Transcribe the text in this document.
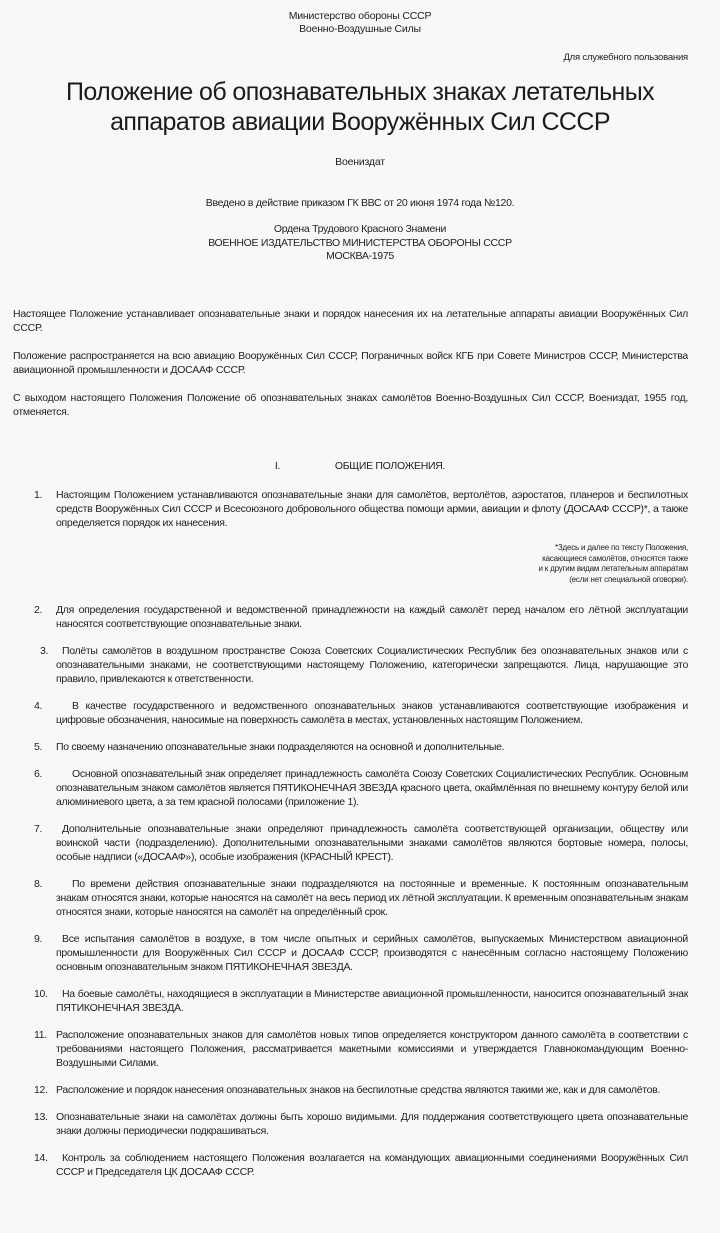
Министерство обороны СССР
Военно-Воздушные Силы
Для служебного пользования
Положение об опознавательных знаках летательных
аппаратов авиации Вооружённых Сил СССР
Воениздат
Введено в действие приказом ГК ВВС от 20 июня 1974 года №120.
Ордена Трудового Красного Знамени
ВОЕННОЕ ИЗДАТЕЛЬСТВО МИНИСТЕРСТВА ОБОРОНЫ СССР
МОСКВА-1975

Настоящее Положение устанавливает опознавательные знаки и порядок нанесения их на летательные аппараты авиации Вооружённых Сил СССР.

Положение распространяется на всю авиацию Вооружённых Сил СССР, Пограничных войск КГБ при Совете Министров СССР, Министерства авиационной промышленности и ДОСААФ СССР.

С выходом настоящего Положения Положение об опознавательных знаках самолётов Военно-Воздушных Сил СССР, Воениздат, 1955 год, отменяется.

I.	ОБЩИЕ ПОЛОЖЕНИЯ.
1. Настоящим Положением устанавливаются опознавательные знаки для самолётов, вертолётов, аэростатов, планеров и беспилотных средств Вооружённых Сил СССР и Всесоюзного добровольного общества помощи армии, авиации и флоту (ДОСААФ СССР)*, а также определяется порядок их нанесения.
*Здесь и далее по тексту Положения,
касающиеся самолётов, относятся также
и к другим видам летательным аппаратам
(если нет специальной оговорки).
2. Для определения государственной и ведомственной принадлежности на каждый самолёт перед началом его лётной эксплуатации наносятся соответствующие опознавательные знаки.
3. Полёты самолётов в воздушном пространстве Союза Советских Социалистических Республик без опознавательных знаков или с опознавательными знаками, не соответствующими настоящему Положению, категорически запрещаются. Лица, нарушающие это правило, привлекаются к ответственности.
4.	В качестве государственного и ведомственного опознавательных знаков устанавливаются соответствующие изображения и цифровые обозначения, наносимые на поверхность самолёта в местах, установленных настоящим Положением.
5. По своему назначению опознавательные знаки подразделяются на основной и дополнительные.
6.	Основной опознавательный знак определяет принадлежность самолёта Союзу Советских Социалистических Республик. Основным опознавательным знаком самолётов является ПЯТИКОНЕЧНАЯ ЗВЕЗДА красного цвета, окаймлённая по внешнему контуру белой или алюминиевого цвета, а за тем красной полосами (приложение 1).
7. Дополнительные опознавательные знаки определяют принадлежность самолёта соответствующей организации, обществу или воинской части (подразделению). Дополнительными опознавательными знаками самолётов являются бортовые номера, полосы, особые надписи («ДОСААФ»), особые изображения (КРАСНЫЙ КРЕСТ).
8.	По времени действия опознавательные знаки подразделяются на постоянные и временные. К постоянным опознавательным знакам относятся знаки, которые наносятся на самолёт на весь период их лётной эксплуатации. К временным опознавательным знакам относятся знаки, которые наносятся на самолёт на определённый срок.
9. Все испытания самолётов в воздухе, в том числе опытных и серийных самолётов, выпускаемых Министерством авиационной промышленности для Вооружённых Сил СССР и ДОСААФ СССР, производятся с нанесённым согласно настоящему Положению основным опознавательным знаком ПЯТИКОНЕЧНАЯ ЗВЕЗДА.
10. На боевые самолёты, находящиеся в эксплуатации в Министерстве авиационной промышленности, наносится опознавательный знак ПЯТИКОНЕЧНАЯ ЗВЕЗДА.
11. Расположение опознавательных знаков для самолётов новых типов определяется конструктором данного самолёта в соответствии с требованиями настоящего Положения, рассматривается макетными комиссиями и утверждается Главнокомандующим Военно-Воздушными Силами.
12. Расположение и порядок нанесения опознавательных знаков на беспилотные средства являются такими же, как и для самолётов.
13. Опознавательные знаки на самолётах должны быть хорошо видимыми. Для поддержания соответствующего цвета опознавательные знаки должны периодически подкрашиваться.
14. Контроль за соблюдением настоящего Положения возлагается на командующих авиационными соединениями Вооружённых Сил СССР и Председателя ЦК ДОСААФ СССР.
